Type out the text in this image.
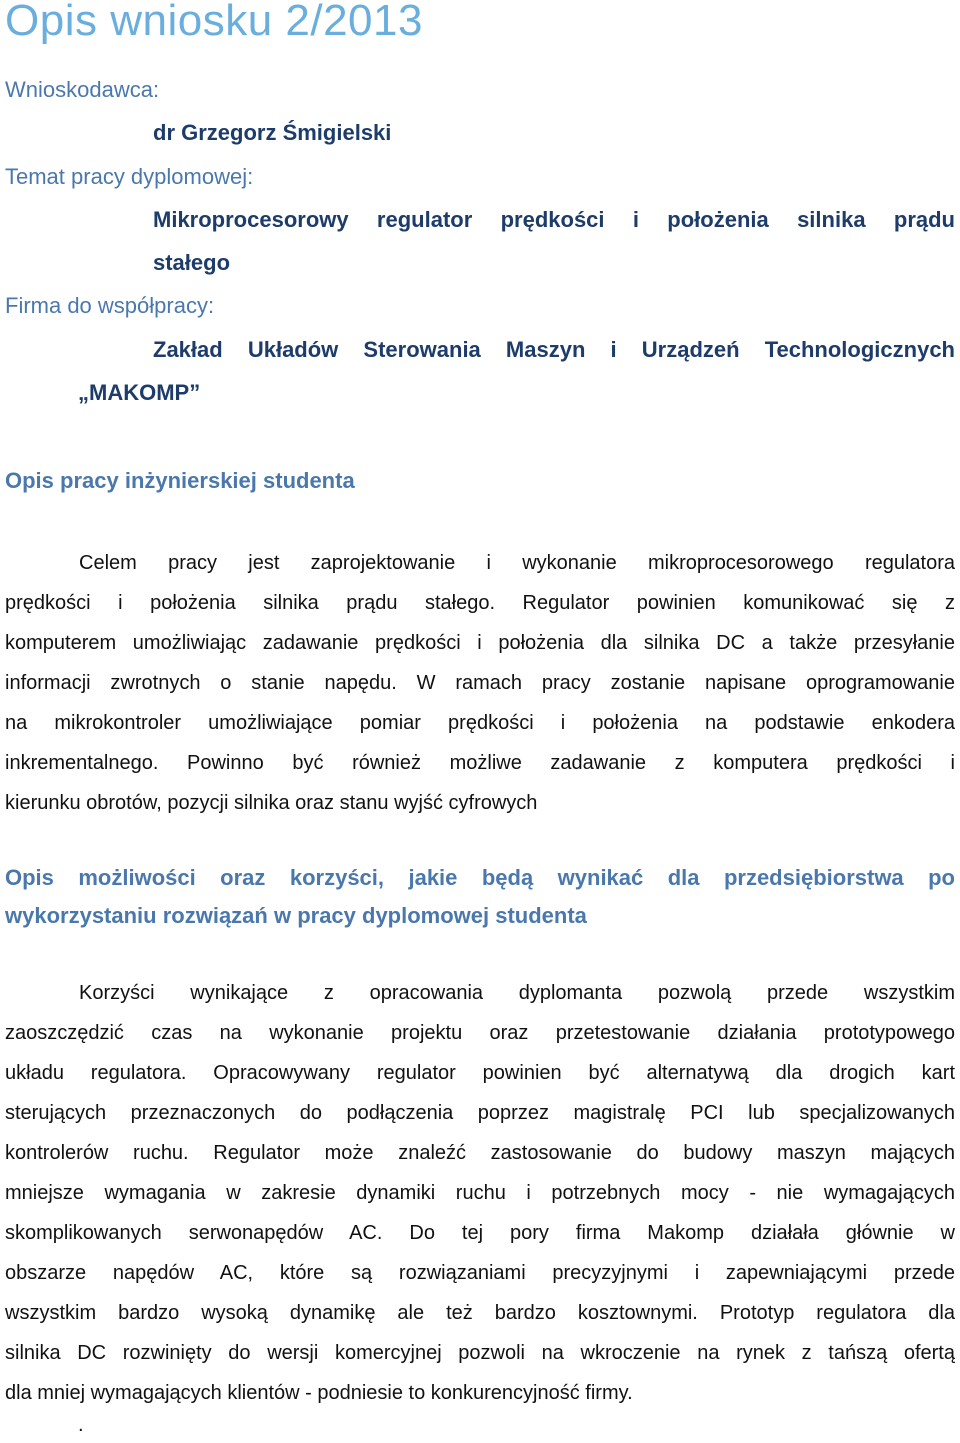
Opis wniosku 2/2013

Wnioskodawca:

dr Grzegorz Śmigielski

Temat pracy dyplomowej:

Mikroprocesorowy regulator prędkości i położenia silnika prądu

stałego

Firma do współpracy:

Zakład Układów Sterowania Maszyn i Urządzeń Technologicznych

„MAKOMP”

Opis pracy inżynierskiej studenta
Celem pracy jest zaprojektowanie i wykonanie mikroprocesorowego regulatora
prędkości i położenia silnika prądu stałego. Regulator powinien komunikować się z
komputerem umożliwiając zadawanie prędkości i położenia dla silnika DC a także przesyłanie
informacji zwrotnych o stanie napędu. W ramach pracy zostanie napisane oprogramowanie
na mikrokontroler umożliwiające pomiar prędkości i położenia na podstawie enkodera
inkrementalnego. Powinno być również możliwe zadawanie z komputera prędkości i
kierunku obrotów, pozycji silnika oraz stanu wyjść cyfrowych
Opis możliwości oraz korzyści, jakie będą wynikać dla przedsiębiorstwa po
wykorzystaniu rozwiązań w pracy dyplomowej studenta
Korzyści wynikające z opracowania dyplomanta pozwolą przede wszystkim
zaoszczędzić czas na wykonanie projektu oraz przetestowanie działania prototypowego
układu regulatora. Opracowywany regulator powinien być alternatywą dla drogich kart
sterujących przeznaczonych do podłączenia poprzez magistralę PCI lub specjalizowanych
kontrolerów ruchu. Regulator może znaleźć zastosowanie do budowy maszyn mających
mniejsze wymagania w zakresie dynamiki ruchu i potrzebnych mocy - nie wymagających
skomplikowanych serwonapędów AC. Do tej pory firma Makomp działała głównie w
obszarze napędów AC, które są rozwiązaniami precyzyjnymi i zapewniającymi przede
wszystkim bardzo wysoką dynamikę ale też bardzo kosztownymi. Prototyp regulatora dla
silnika DC rozwinięty do wersji komercyjnej pozwoli na wkroczenie na rynek z tańszą ofertą
dla mniej wymagających klientów - podniesie to konkurencyjność firmy.
.
